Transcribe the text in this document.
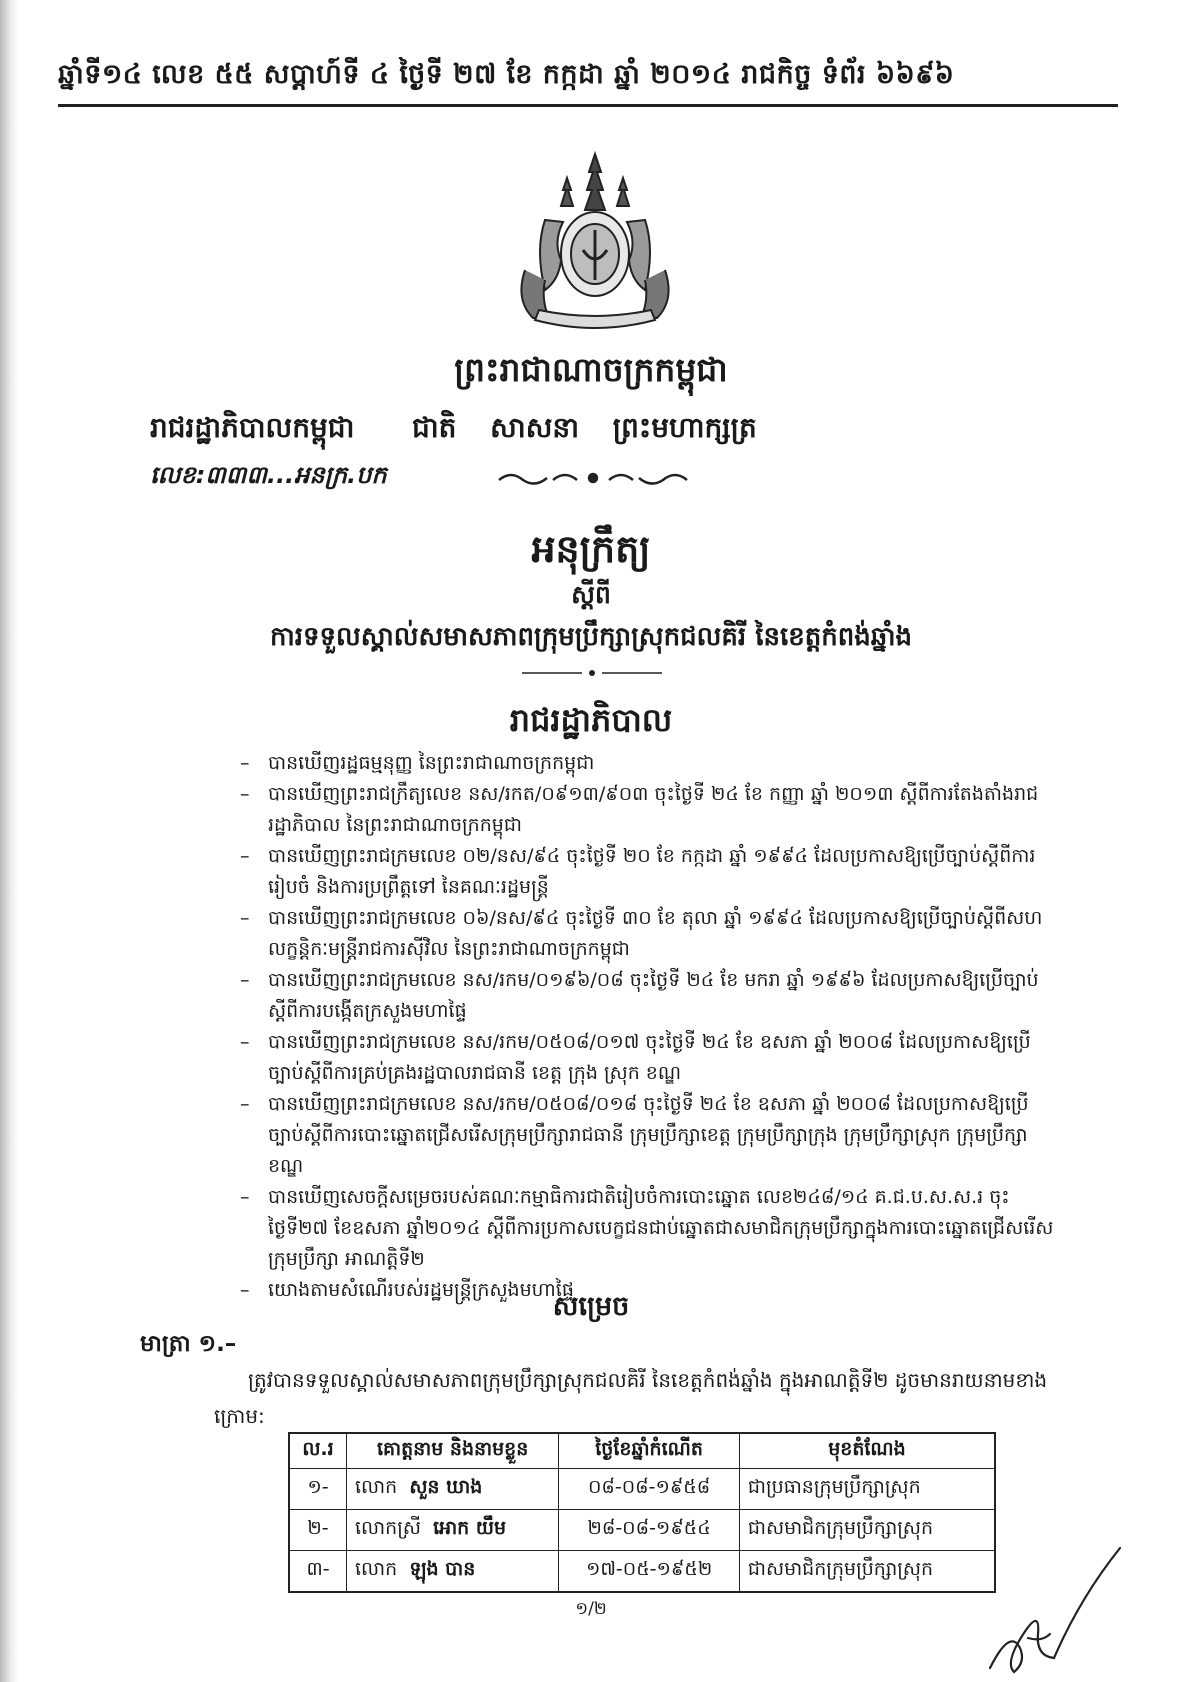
ឆ្នាំទី១៤ លេខ ៥៥ សប្តាហ៍ទី ៤ ថ្ងៃទី ២៧ ខែ កក្កដា ឆ្នាំ ២០១៤ រាជកិច្ច ទំព័រ ៦៦៩៦
ព្រះរាជាណាចក្រកម្ពុជា
រាជរដ្ឋាភិបាលកម្ពុជា ជាតិ សាសនា ព្រះមហាក្សត្រ
លេខ:៣៣៣...អនក្រ.បក
អនុក្រឹត្យ
ស្តីពី
ការទទួលស្គាល់សមាសភាពក្រុមប្រឹក្សាស្រុកជលគិរី នៃខេត្តកំពង់ឆ្នាំង
រាជរដ្ឋាភិបាល
– បានឃើញរដ្ឋធម្មនុញ្ញ នៃព្រះរាជាណាចក្រកម្ពុជា
– បានឃើញព្រះរាជក្រឹត្យលេខ នស/រកត/០៩១៣/៩០៣ ចុះថ្ងៃទី ២៤ ខែ កញ្ញា ឆ្នាំ ២០១៣ ស្តីពីការតែងតាំងរាជរដ្ឋាភិបាល នៃព្រះរាជាណាចក្រកម្ពុជា
– បានឃើញព្រះរាជក្រមលេខ ០២/នស/៩៤ ចុះថ្ងៃទី ២០ ខែ កក្កដា ឆ្នាំ ១៩៩៤ ដែលប្រកាសឱ្យប្រើច្បាប់ស្តីពីការរៀបចំ និងការប្រព្រឹត្តទៅ នៃគណៈរដ្ឋមន្ត្រី
– បានឃើញព្រះរាជក្រមលេខ ០៦/នស/៩៤ ចុះថ្ងៃទី ៣០ ខែ តុលា ឆ្នាំ ១៩៩៤ ដែលប្រកាសឱ្យប្រើច្បាប់ស្តីពីសហលក្ខន្តិកៈមន្ត្រីរាជការស៊ីវិល នៃព្រះរាជាណាចក្រកម្ពុជា
– បានឃើញព្រះរាជក្រមលេខ នស/រកម/០១៩៦/០៨ ចុះថ្ងៃទី ២៤ ខែ មករា ឆ្នាំ ១៩៩៦ ដែលប្រកាសឱ្យប្រើច្បាប់ស្តីពីការបង្កើតក្រសួងមហាផ្ទៃ
– បានឃើញព្រះរាជក្រមលេខ នស/រកម/០៥០៨/០១៧ ចុះថ្ងៃទី ២៤ ខែ ឧសភា ឆ្នាំ ២០០៨ ដែលប្រកាសឱ្យប្រើច្បាប់ស្តីពីការគ្រប់គ្រងរដ្ឋបាលរាជធានី ខេត្ត ក្រុង ស្រុក ខណ្ឌ
– បានឃើញព្រះរាជក្រមលេខ នស/រកម/០៥០៨/០១៨ ចុះថ្ងៃទី ២៤ ខែ ឧសភា ឆ្នាំ ២០០៨ ដែលប្រកាសឱ្យប្រើច្បាប់ស្តីពីការបោះឆ្នោតជ្រើសរើសក្រុមប្រឹក្សារាជធានី ក្រុមប្រឹក្សាខេត្ត ក្រុមប្រឹក្សាក្រុង ក្រុមប្រឹក្សាស្រុក ក្រុមប្រឹក្សាខណ្ឌ
– បានឃើញសេចក្តីសម្រេចរបស់គណៈកម្មាធិការជាតិរៀបចំការបោះឆ្នោត លេខ២៤៨/១៤ គ.ជ.ប.ស.ស.រ ចុះថ្ងៃទី២៧ ខែឧសភា ឆ្នាំ២០១៤ ស្តីពីការប្រកាសបេក្ខជនជាប់ឆ្នោតជាសមាជិកក្រុមប្រឹក្សាក្នុងការបោះឆ្នោតជ្រើសរើសក្រុមប្រឹក្សា អាណត្តិទី២
– យោងតាមសំណើរបស់រដ្ឋមន្ត្រីក្រសួងមហាផ្ទៃ
សម្រេច
មាត្រា ១.–

ត្រូវបានទទួលស្គាល់សមាសភាពក្រុមប្រឹក្សាស្រុកជលគិរី នៃខេត្តកំពង់ឆ្នាំង ក្នុងអាណត្តិទី២ ដូចមានរាយនាមខាងក្រោម:

ល.រ	គោត្តនាម និងនាមខ្លួន	ថ្ងៃខែឆ្នាំកំណើត	មុខតំណែង
១-	លោក សួន ឃាង	០៨-០៨-១៩៥៨	ជាប្រធានក្រុមប្រឹក្សាស្រុក
២-	លោកស្រី អោក យឹម	២៨-០៨-១៩៥៤	ជាសមាជិកក្រុមប្រឹក្សាស្រុក
៣-	លោក ឡុង បាន	១៧-០៥-១៩៥២	ជាសមាជិកក្រុមប្រឹក្សាស្រុក
១/២
